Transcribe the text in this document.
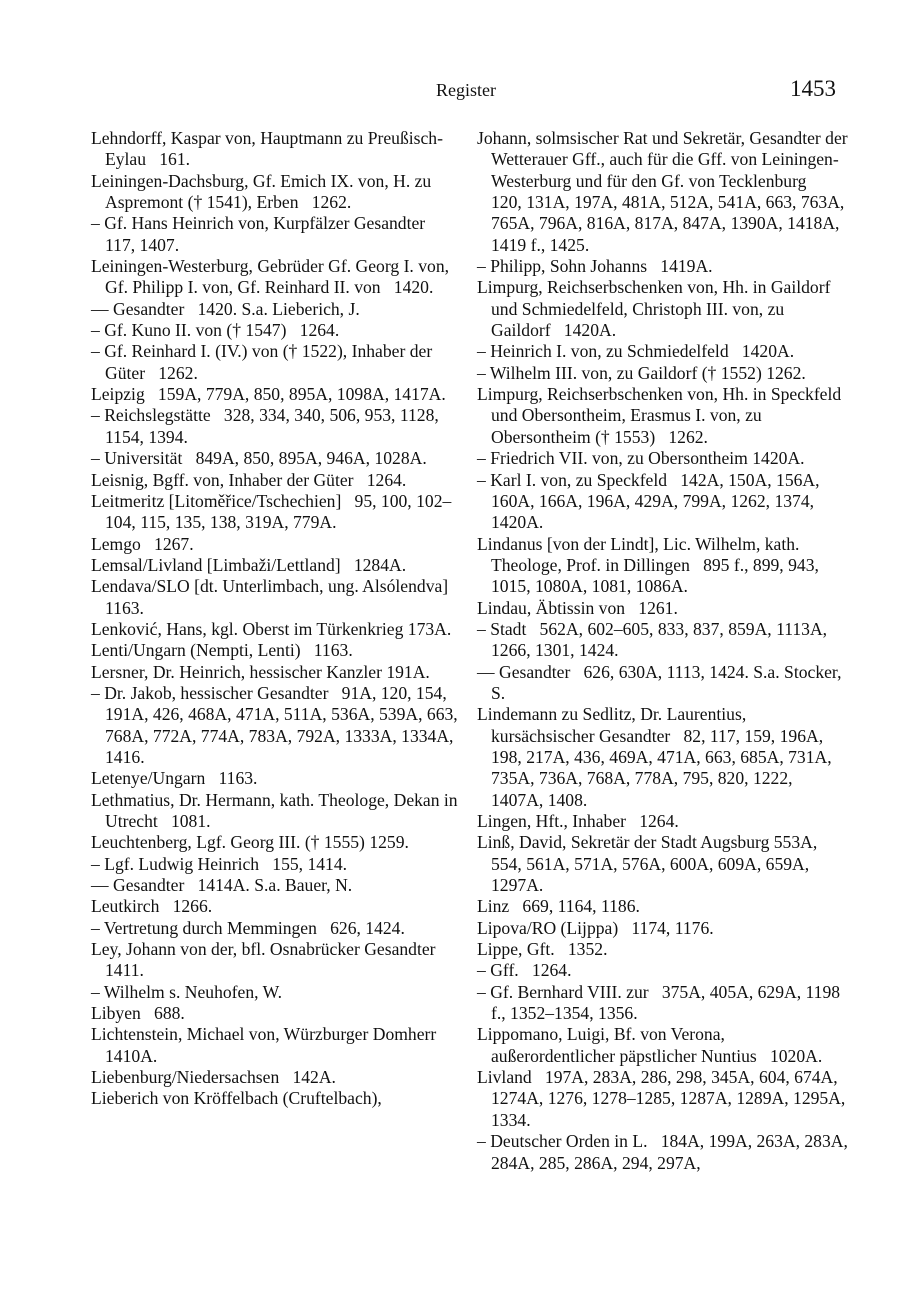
Register	1453

Lehndorff, Kaspar von, Hauptmann zu Preußisch-Eylau  161.

Leiningen-Dachsburg, Gf. Emich IX. von, H. zu Aspremont († 1541), Erben  1262.

– Gf. Hans Heinrich von, Kurpfälzer Gesandter  117, 1407.

Leiningen-Westerburg, Gebrüder Gf. Georg I. von, Gf. Philipp I. von, Gf. Reinhard II. von  1420.

–– Gesandter  1420. S.a. Lieberich, J.

– Gf. Kuno II. von († 1547)  1264.

– Gf. Reinhard I. (IV.) von († 1522), Inhaber der Güter  1262.

Leipzig  159A, 779A, 850, 895A, 1098A, 1417A.

– Reichslegstätte  328, 334, 340, 506, 953, 1128, 1154, 1394.

– Universität  849A, 850, 895A, 946A, 1028A.

Leisnig, Bgff. von, Inhaber der Güter  1264.

Leitmeritz [Litoměřice/Tschechien]  95, 100, 102–104, 115, 135, 138, 319A, 779A.

Lemgo  1267.

Lemsal/Livland [Limbaži/Lettland]  1284A.

Lendava/SLO [dt. Unterlimbach, ung. Alsólendva]  1163.

Lenković, Hans, kgl. Oberst im Türkenkrieg 173A.

Lenti/Ungarn (Nempti, Lenti)  1163.

Lersner, Dr. Heinrich, hessischer Kanzler 191A.

– Dr. Jakob, hessischer Gesandter  91A, 120, 154, 191A, 426, 468A, 471A, 511A, 536A, 539A, 663, 768A, 772A, 774A, 783A, 792A, 1333A, 1334A, 1416.

Letenye/Ungarn  1163.

Lethmatius, Dr. Hermann, kath. Theologe, Dekan in Utrecht  1081.

Leuchtenberg, Lgf. Georg III. († 1555) 1259.

– Lgf. Ludwig Heinrich  155, 1414.

–– Gesandter  1414A. S.a. Bauer, N.

Leutkirch  1266.

– Vertretung durch Memmingen  626, 1424.

Ley, Johann von der, bfl. Osnabrücker Gesandter  1411.

– Wilhelm s. Neuhofen, W.

Libyen  688.

Lichtenstein, Michael von, Würzburger Domherr  1410A.

Liebenburg/Niedersachsen  142A.

Lieberich von Kröffelbach (Cruftelbach),

Johann, solmsischer Rat und Sekretär, Gesandter der Wetterauer Gff., auch für die Gff. von Leiningen-Westerburg und für den Gf. von Tecklenburg  120, 131A, 197A, 481A, 512A, 541A, 663, 763A, 765A, 796A, 816A, 817A, 847A, 1390A, 1418A, 1419 f., 1425.

– Philipp, Sohn Johanns  1419A.

Limpurg, Reichserbschenken von, Hh. in Gaildorf und Schmiedelfeld, Christoph III. von, zu Gaildorf  1420A.

– Heinrich I. von, zu Schmiedelfeld  1420A.

– Wilhelm III. von, zu Gaildorf († 1552) 1262.

Limpurg, Reichserbschenken von, Hh. in Speckfeld und Obersontheim, Erasmus I. von, zu Obersontheim († 1553)  1262.

– Friedrich VII. von, zu Obersontheim 1420A.

– Karl I. von, zu Speckfeld  142A, 150A, 156A, 160A, 166A, 196A, 429A, 799A, 1262, 1374, 1420A.

Lindanus [von der Lindt], Lic. Wilhelm, kath. Theologe, Prof. in Dillingen  895 f., 899, 943, 1015, 1080A, 1081, 1086A.

Lindau, Äbtissin von  1261.

– Stadt  562A, 602–605, 833, 837, 859A, 1113A, 1266, 1301, 1424.

–– Gesandter  626, 630A, 1113, 1424. S.a. Stocker, S.

Lindemann zu Sedlitz, Dr. Laurentius, kursächsischer Gesandter  82, 117, 159, 196A, 198, 217A, 436, 469A, 471A, 663, 685A, 731A, 735A, 736A, 768A, 778A, 795, 820, 1222, 1407A, 1408.

Lingen, Hft., Inhaber  1264.

Linß, David, Sekretär der Stadt Augsburg 553A, 554, 561A, 571A, 576A, 600A, 609A, 659A, 1297A.

Linz  669, 1164, 1186.

Lipova/RO (Lijppa)  1174, 1176.

Lippe, Gft.  1352.

– Gff.  1264.

– Gf. Bernhard VIII. zur  375A, 405A, 629A, 1198 f., 1352–1354, 1356.

Lippomano, Luigi, Bf. von Verona, außerordentlicher päpstlicher Nuntius  1020A.

Livland  197A, 283A, 286, 298, 345A, 604, 674A, 1274A, 1276, 1278–1285, 1287A, 1289A, 1295A, 1334.

– Deutscher Orden in L.  184A, 199A, 263A, 283A, 284A, 285, 286A, 294, 297A,
